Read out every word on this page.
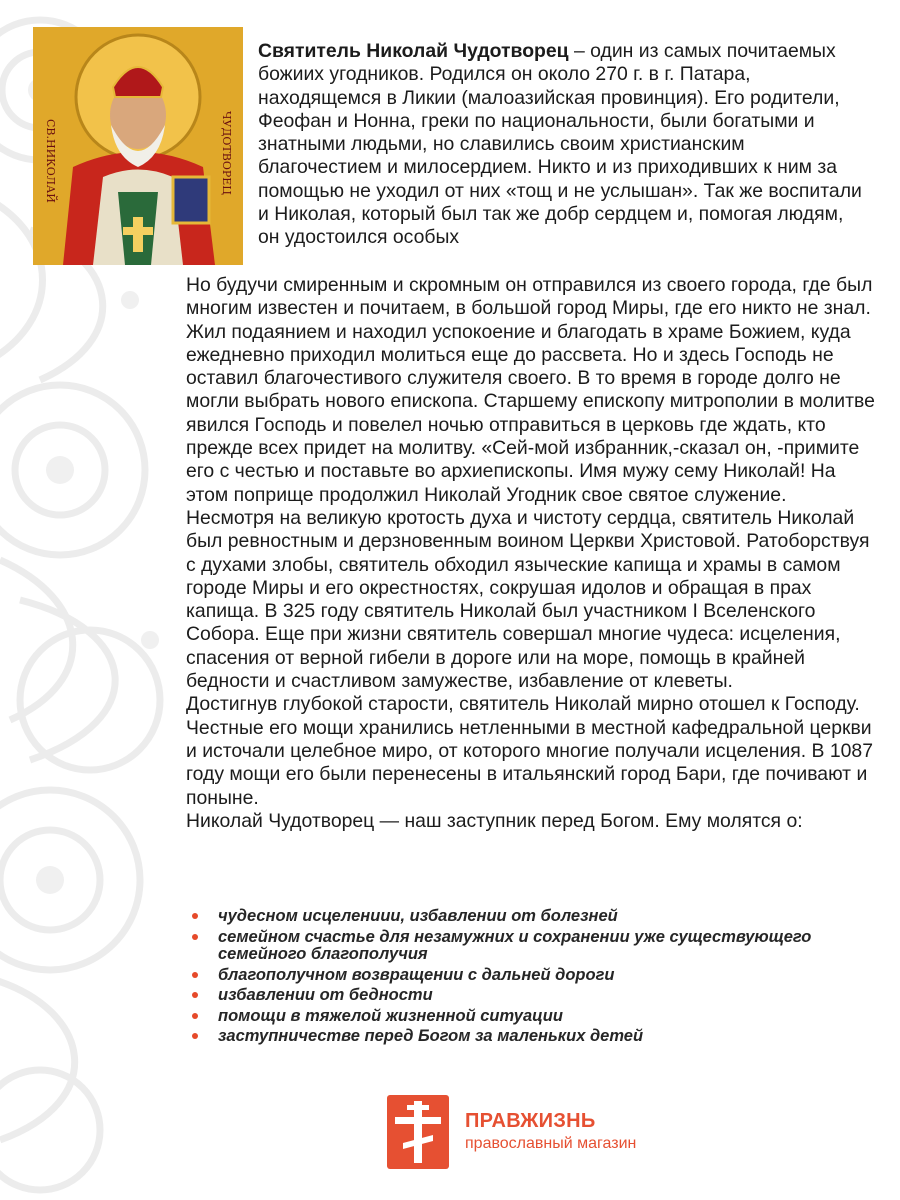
СВ.НИКОЛАЙ	ЧУДОТВОРЕЦ

Святитель Николай Чудотворец – один из самых почитаемых божиих угодников. Родился он около 270 г. в г. Патара, находящемся в Ликии (малоазийская провинция). Его родители, Феофан и Нонна, греки по национальности, были богатыми и знатными людьми, но славились своим христианским благочестием и милосердием. Никто и из приходивших к ним за помощью не уходил от них «тощ и не услышан». Так же воспитали и Николая, который был так же добр сердцем и, помогая людям, он удостоился особых

Но будучи смиренным и скромным он отправился из своего города, где был многим известен и почитаем, в большой город Миры, где его никто не знал. Жил подаянием и находил успокоение и благодать в храме Божием, куда ежедневно приходил молиться еще до рассвета. Но и здесь Господь не оставил благочестивого служителя своего. В то время в городе долго не могли выбрать нового епископа. Старшему епископу митрополии в молитве явился Господь и повелел ночью отправиться в церковь где ждать, кто прежде всех придет на молитву. «Сей-мой избранник,-сказал он, -примите его с честью и поставьте во архиепископы. Имя мужу сему Николай! На этом поприще продолжил Николай Угодник свое святое служение.
Несмотря на великую кротость духа и чистоту сердца, святитель Николай был ревностным и дерзновенным воином Церкви Христовой. Ратоборствуя с духами злобы, святитель обходил языческие капища и храмы в самом городе Миры и его окрестностях, сокрушая идолов и обращая в прах капища. В 325 году святитель Николай был участником I Вселенского Собора. Еще при жизни святитель совершал многие чудеса: исцеления, спасения от верной гибели в дороге или на море, помощь в крайней бедности и счастливом замужестве, избавление от клеветы.
Достигнув глубокой старости, святитель Николай мирно отошел к Господу. Честные его мощи хранились нетленными в местной кафедральной церкви и источали целебное миро, от которого многие получали исцеления. В 1087 году мощи его были перенесены в итальянский город Бари, где почивают и поныне.
Николай Чудотворец — наш заступник перед Богом. Ему молятся о:

чудесном исцелениии, избавлении от болезней
семейном счастье для незамужних и сохранении уже существующего семейного благополучия
благополучном возвращении с дальней дороги
избавлении от бедности
помощи в тяжелой жизненной ситуации
заступничестве перед Богом за маленьких детей
ПРАВЖИЗНЬ
православный магазин
